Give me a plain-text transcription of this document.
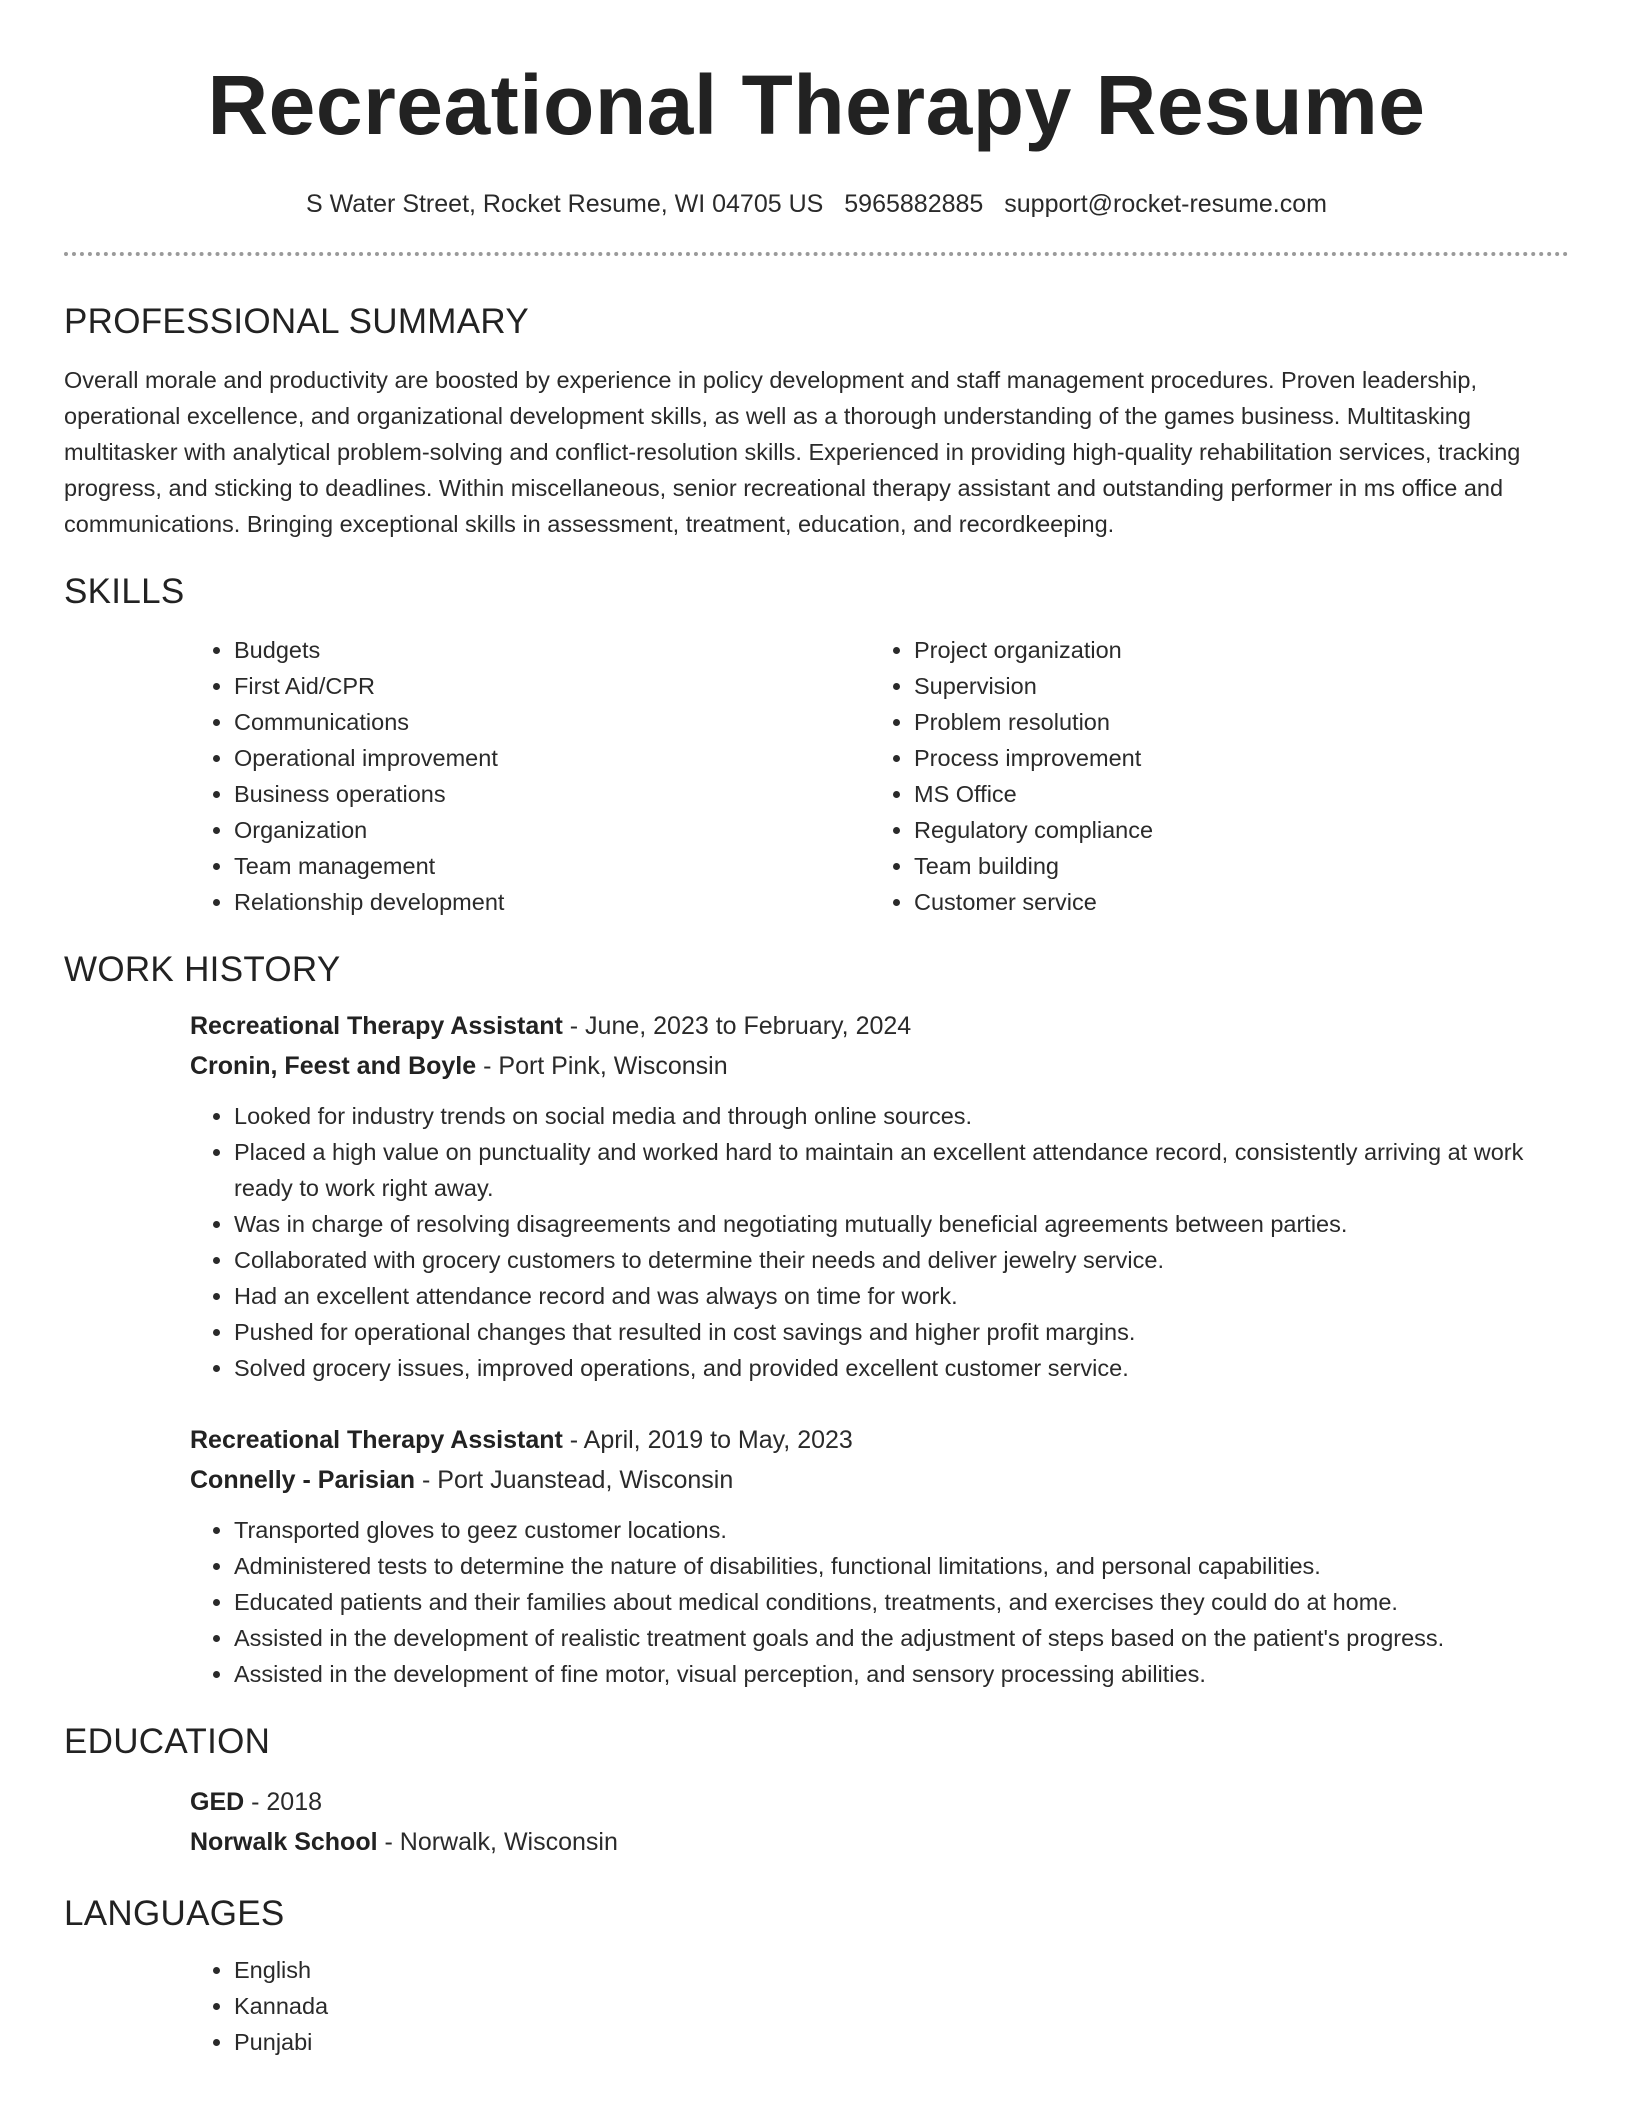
Recreational Therapy Resume
S Water Street, Rocket Resume, WI 04705 US 5965882885 support@rocket-resume.com
PROFESSIONAL SUMMARY

Overall morale and productivity are boosted by experience in policy development and staff management procedures. Proven leadership, operational excellence, and organizational development skills, as well as a thorough understanding of the games business. Multitasking multitasker with analytical problem-solving and conflict-resolution skills. Experienced in providing high-quality rehabilitation services, tracking progress, and sticking to deadlines. Within miscellaneous, senior recreational therapy assistant and outstanding performer in ms office and communications. Bringing exceptional skills in assessment, treatment, education, and recordkeeping.

SKILLS
• Budgets
• First Aid/CPR
• Communications
• Operational improvement
• Business operations
• Organization
• Team management
• Relationship development
• Project organization
• Supervision
• Problem resolution
• Process improvement
• MS Office
• Regulatory compliance
• Team building
• Customer service
WORK HISTORY

Recreational Therapy Assistant - June, 2023 to February, 2024

Cronin, Feest and Boyle - Port Pink, Wisconsin

• Looked for industry trends on social media and through online sources.
• Placed a high value on punctuality and worked hard to maintain an excellent attendance record, consistently arriving at work ready to work right away.
• Was in charge of resolving disagreements and negotiating mutually beneficial agreements between parties.
• Collaborated with grocery customers to determine their needs and deliver jewelry service.
• Had an excellent attendance record and was always on time for work.
• Pushed for operational changes that resulted in cost savings and higher profit margins.
• Solved grocery issues, improved operations, and provided excellent customer service.

Recreational Therapy Assistant - April, 2019 to May, 2023

Connelly - Parisian - Port Juanstead, Wisconsin

• Transported gloves to geez customer locations.
• Administered tests to determine the nature of disabilities, functional limitations, and personal capabilities.
• Educated patients and their families about medical conditions, treatments, and exercises they could do at home.
• Assisted in the development of realistic treatment goals and the adjustment of steps based on the patient's progress.
• Assisted in the development of fine motor, visual perception, and sensory processing abilities.
EDUCATION

GED - 2018

Norwalk School - Norwalk, Wisconsin

LANGUAGES
• English
• Kannada
• Punjabi
